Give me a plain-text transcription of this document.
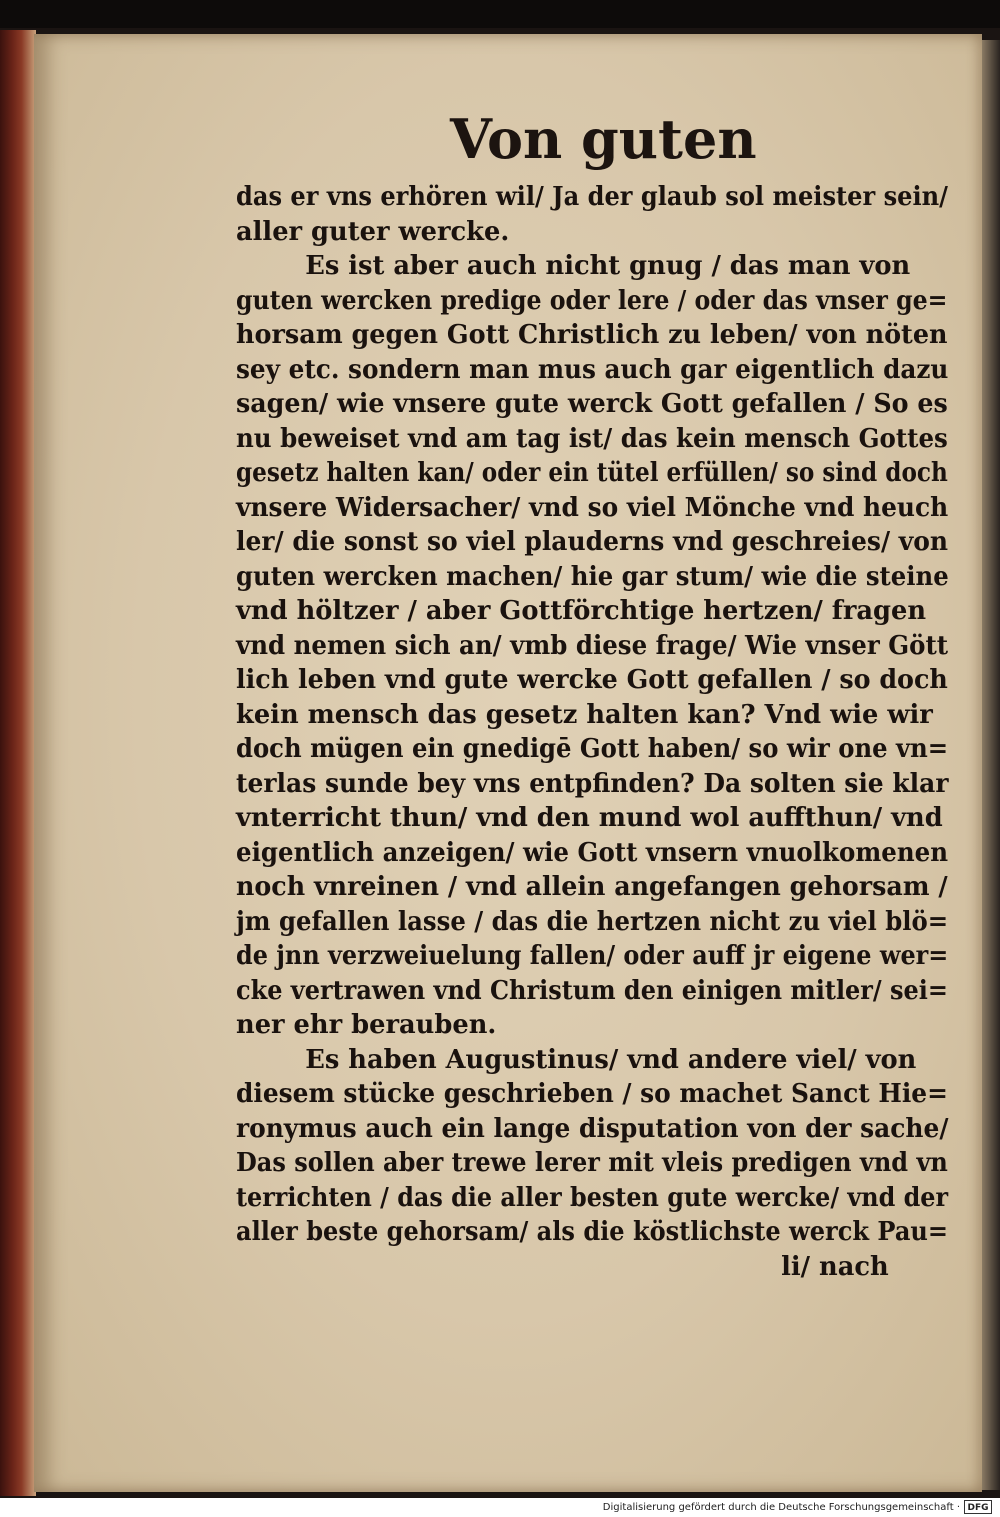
Von guten
das er vns erhören wil/ Ja der glaub sol meister sein/
aller guter wercke.
Es ist aber auch nicht gnug / das man von
guten wercken predige oder lere / oder das vnser ge=
horsam gegen Gott Christlich zu leben/ von nöten
sey etc. sondern man mus auch gar eigentlich dazu
sagen/ wie vnsere gute werck Gott gefallen / So es
nu beweiset vnd am tag ist/ das kein mensch Gottes
gesetz halten kan/ oder ein tütel erfüllen/ so sind doch
vnsere Widersacher/ vnd so viel Mönche vnd heuch
ler/ die sonst so viel plauderns vnd geschreies/ von
guten wercken machen/ hie gar stum/ wie die steine
vnd höltzer / aber Gottförchtige hertzen/ fragen
vnd nemen sich an/ vmb diese frage/ Wie vnser Gött
lich leben vnd gute wercke Gott gefallen / so doch
kein mensch das gesetz halten kan? Vnd wie wir
doch mügen ein gnedigē Gott haben/ so wir one vn=
terlas sunde bey vns entpfinden? Da solten sie klar
vnterricht thun/ vnd den mund wol auffthun/ vnd
eigentlich anzeigen/ wie Gott vnsern vnuolkomenen
noch vnreinen / vnd allein angefangen gehorsam /
jm gefallen lasse / das die hertzen nicht zu viel blö=
de jnn verzweiuelung fallen/ oder auff jr eigene wer=
cke vertrawen vnd Christum den einigen mitler/ sei=
ner ehr berauben.
Es haben Augustinus/ vnd andere viel/ von
diesem stücke geschrieben / so machet Sanct Hie=
ronymus auch ein lange disputation von der sache/
Das sollen aber trewe lerer mit vleis predigen vnd vn
terrichten / das die aller besten gute wercke/ vnd der
aller beste gehorsam/ als die köstlichste werck Pau=
li/ nach
Digitalisierung gefördert durch die Deutsche Forschungsgemeinschaft · DFG
